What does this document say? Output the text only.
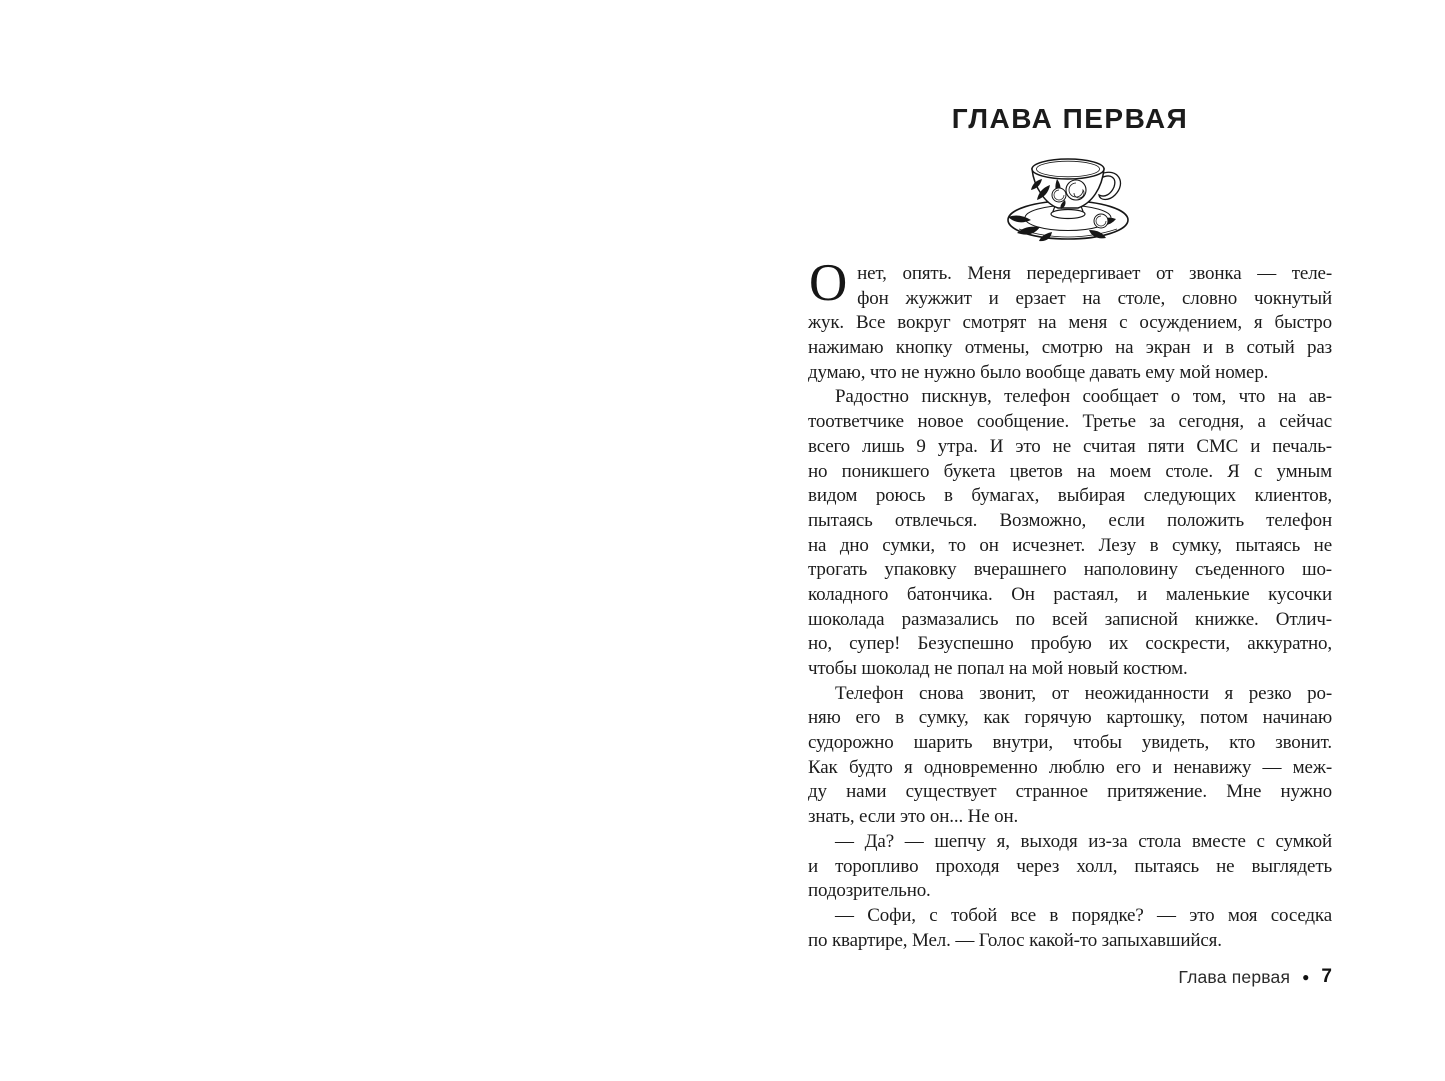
ГЛАВА ПЕРВАЯ
О нет, опять. Меня передергивает от звонка — теле-
фон жужжит и ерзает на столе, словно чокнутый
жук. Все вокруг смотрят на меня с осуждением, я быстро
нажимаю кнопку отмены, смотрю на экран и в сотый раз
думаю, что не нужно было вообще давать ему мой номер.
Радостно пискнув, телефон сообщает о том, что на ав-
тоответчике новое сообщение. Третье за сегодня, а сейчас
всего лишь 9 утра. И это не считая пяти СМС и печаль-
но поникшего букета цветов на моем столе. Я с умным
видом роюсь в бумагах, выбирая следующих клиентов,
пытаясь отвлечься. Возможно, если положить телефон
на дно сумки, то он исчезнет. Лезу в сумку, пытаясь не
трогать упаковку вчерашнего наполовину съеденного шо-
коладного батончика. Он растаял, и маленькие кусочки
шоколада размазались по всей записной книжке. Отлич-
но, супер! Безуспешно пробую их соскрести, аккуратно,
чтобы шоколад не попал на мой новый костюм.
Телефон снова звонит, от неожиданности я резко ро-
няю его в сумку, как горячую картошку, потом начинаю
судорожно шарить внутри, чтобы увидеть, кто звонит.
Как будто я одновременно люблю его и ненавижу — меж-
ду нами существует странное притяжение. Мне нужно
знать, если это он... Не он.
— Да? — шепчу я, выходя из-за стола вместе с сумкой
и торопливо проходя через холл, пытаясь не выглядеть
подозрительно.
— Софи, с тобой все в порядке? — это моя соседка
по квартире, Мел. — Голос какой-то запыхавшийся.
Глава первая ● 7
